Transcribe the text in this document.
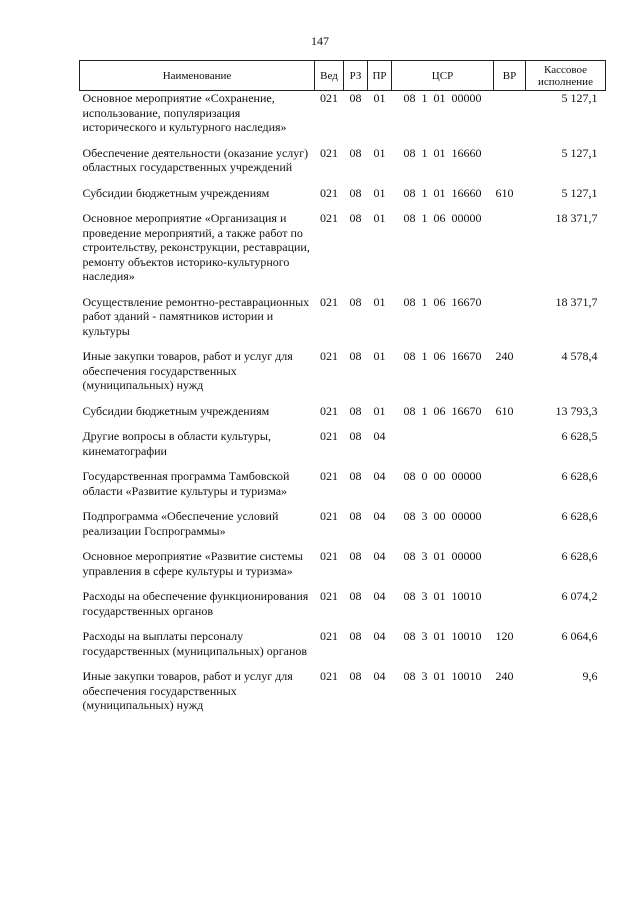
147
Наименование	Вед	РЗ	ПР	ЦСР	ВР	Кассовое исполнение
Основное мероприятие «Сохранение, использование, популяризация исторического и культурного наследия»	021	08	01	08  1  01  00000		5 127,1
Обеспечение деятельности (оказание услуг) областных государственных учреждений	021	08	01	08  1  01  16660		5 127,1
Субсидии бюджетным учреждениям	021	08	01	08  1  01  16660	610	5 127,1
Основное мероприятие «Организация и проведение мероприятий, а также работ по строительству, реконструкции, реставрации, ремонту объектов историко-культурного наследия»	021	08	01	08  1  06  00000		18 371,7
Осуществление ремонтно-реставрационных работ зданий - памятников истории и культуры	021	08	01	08  1  06  16670		18 371,7
Иные закупки товаров, работ и услуг для обеспечения государственных (муниципальных) нужд	021	08	01	08  1  06  16670	240	4 578,4
Субсидии бюджетным учреждениям	021	08	01	08  1  06  16670	610	13 793,3
Другие вопросы в области культуры, кинематографии	021	08	04			6 628,5
Государственная программа Тамбовской области «Развитие культуры и туризма»	021	08	04	08  0  00  00000		6 628,6
Подпрограмма «Обеспечение условий реализации Госпрограммы»	021	08	04	08  3  00  00000		6 628,6
Основное мероприятие «Развитие системы управления в сфере культуры и туризма»	021	08	04	08  3  01  00000		6 628,6
Расходы на обеспечение функционирования государственных органов	021	08	04	08  3  01  10010		6 074,2
Расходы на выплаты персоналу государственных (муниципальных) органов	021	08	04	08  3  01  10010	120	6 064,6
Иные закупки товаров, работ и услуг для обеспечения государственных (муниципальных) нужд	021	08	04	08  3  01  10010	240	9,6
